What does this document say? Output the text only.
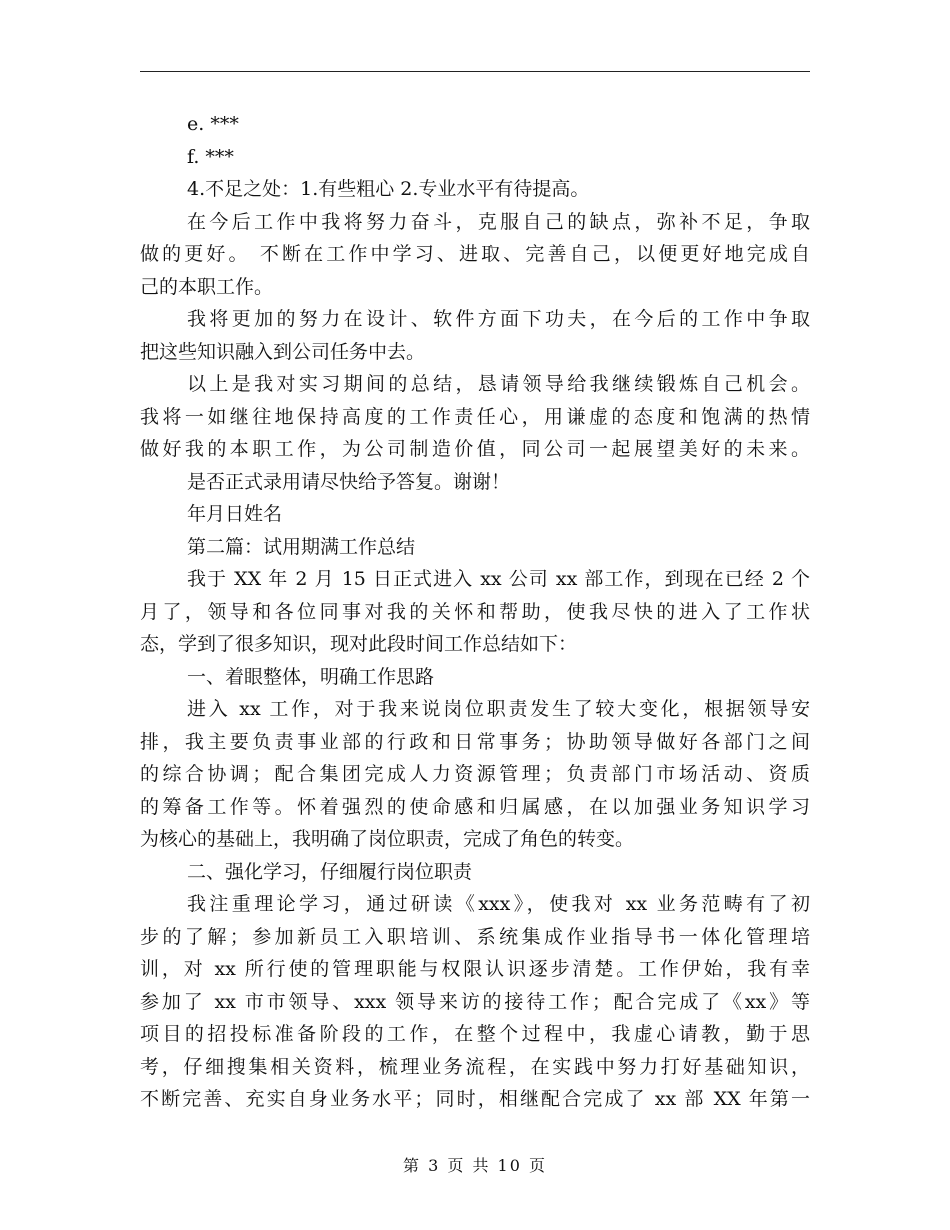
e. ***
f. ***
4.不足之处：1.有些粗心 2.专业水平有待提高。
在今后工作中我将努力奋斗，克服自己的缺点，弥补不足，争取
做的更好。 不断在工作中学习、进取、完善自己，以便更好地完成自
己的本职工作。
我将更加的努力在设计、软件方面下功夫，在今后的工作中争取
把这些知识融入到公司任务中去。
以上是我对实习期间的总结，恳请领导给我继续锻炼自己机会。
我将一如继往地保持高度的工作责任心，用谦虚的态度和饱满的热情
做好我的本职工作，为公司制造价值，同公司一起展望美好的未来。
是否正式录用请尽快给予答复。谢谢！
年月日姓名
第二篇：试用期满工作总结
我于 XX 年 2 月 15 日正式进入 xx 公司 xx 部工作，到现在已经 2 个
月了，领导和各位同事对我的关怀和帮助，使我尽快的进入了工作状
态，学到了很多知识，现对此段时间工作总结如下：
一、着眼整体，明确工作思路
进入 xx 工作，对于我来说岗位职责发生了较大变化，根据领导安
排，我主要负责事业部的行政和日常事务；协助领导做好各部门之间
的综合协调；配合集团完成人力资源管理；负责部门市场活动、资质
的筹备工作等。怀着强烈的使命感和归属感，在以加强业务知识学习
为核心的基础上，我明确了岗位职责，完成了角色的转变。
二、强化学习，仔细履行岗位职责
我注重理论学习，通过研读《xxx》，使我对 xx 业务范畴有了初
步的了解；参加新员工入职培训、系统集成作业指导书一体化管理培
训，对 xx 所行使的管理职能与权限认识逐步清楚。工作伊始，我有幸
参加了 xx 市市领导、xxx 领导来访的接待工作；配合完成了《xx》等
项目的招投标准备阶段的工作，在整个过程中，我虚心请教，勤于思
考，仔细搜集相关资料，梳理业务流程，在实践中努力打好基础知识，
不断完善、充实自身业务水平；同时，相继配合完成了 xx 部 XX 年第一
第 3 页 共 10 页
